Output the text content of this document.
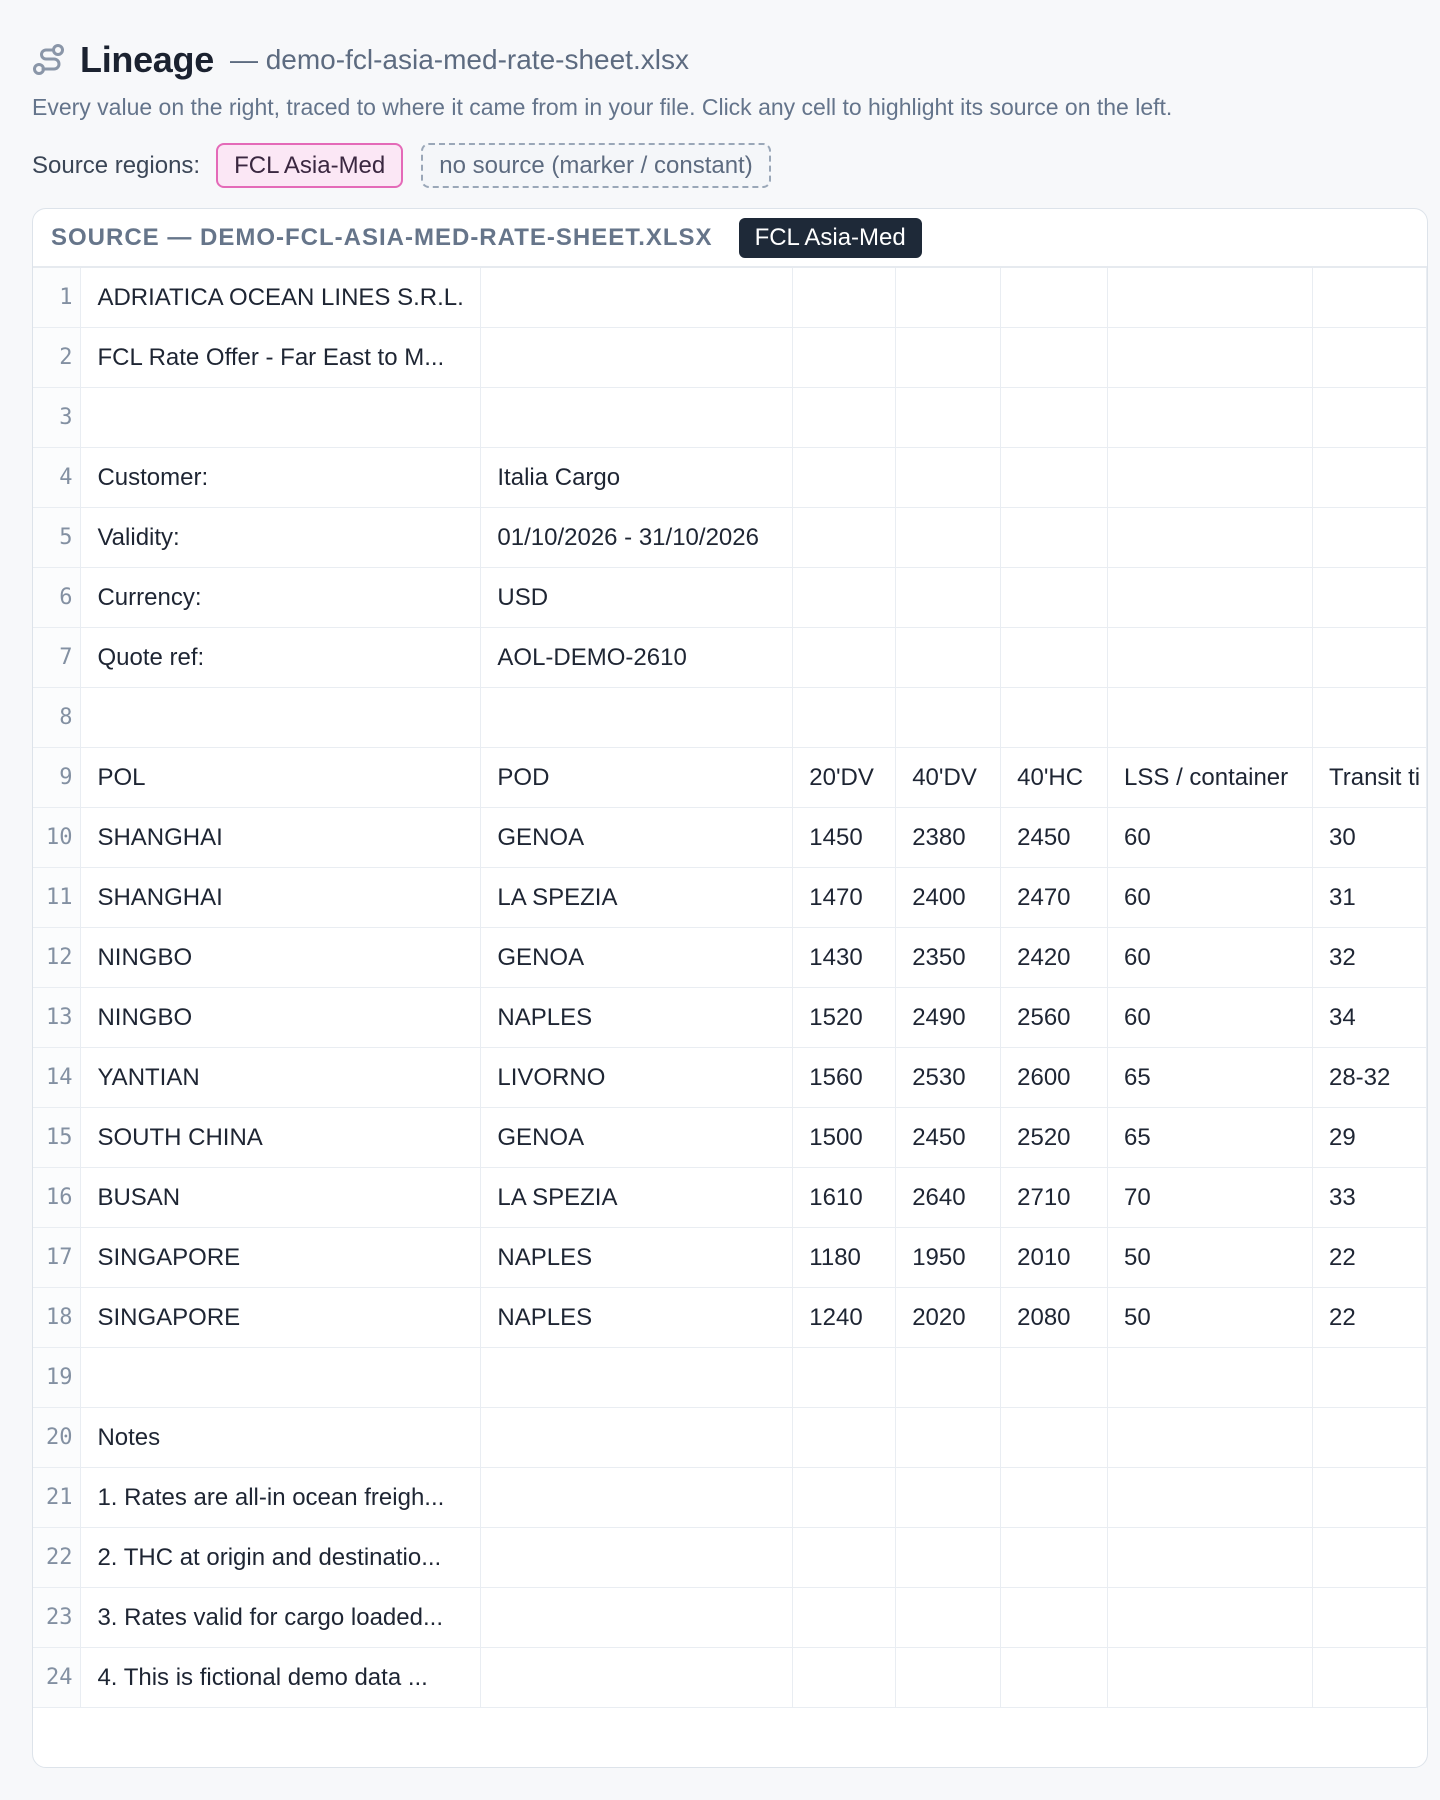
Lineage — demo-fcl-asia-med-rate-sheet.xlsx
Every value on the right, traced to where it came from in your file. Click any cell to highlight its source on the left.
Source regions:	FCL Asia-Med	no source (marker / constant)
SOURCE — DEMO-FCL-ASIA-MED-RATE-SHEET.XLSX	FCL Asia-Med
1	ADRIATICA OCEAN LINES S.R.L.						
2	FCL Rate Offer - Far East to M...						
3							
4	Customer:	Italia Cargo					
5	Validity:	01/10/2026 - 31/10/2026					
6	Currency:	USD					
7	Quote ref:	AOL-DEMO-2610					
8							
9	POL	POD	20'DV	40'DV	40'HC	LSS / container	Transit ti
10	SHANGHAI	GENOA	1450	2380	2450	60	30
11	SHANGHAI	LA SPEZIA	1470	2400	2470	60	31
12	NINGBO	GENOA	1430	2350	2420	60	32
13	NINGBO	NAPLES	1520	2490	2560	60	34
14	YANTIAN	LIVORNO	1560	2530	2600	65	28-32
15	SOUTH CHINA	GENOA	1500	2450	2520	65	29
16	BUSAN	LA SPEZIA	1610	2640	2710	70	33
17	SINGAPORE	NAPLES	1180	1950	2010	50	22
18	SINGAPORE	NAPLES	1240	2020	2080	50	22
19							
20	Notes						
21	1. Rates are all-in ocean freigh...						
22	2. THC at origin and destinatio...						
23	3. Rates valid for cargo loaded...						
24	4. This is fictional demo data ...						
